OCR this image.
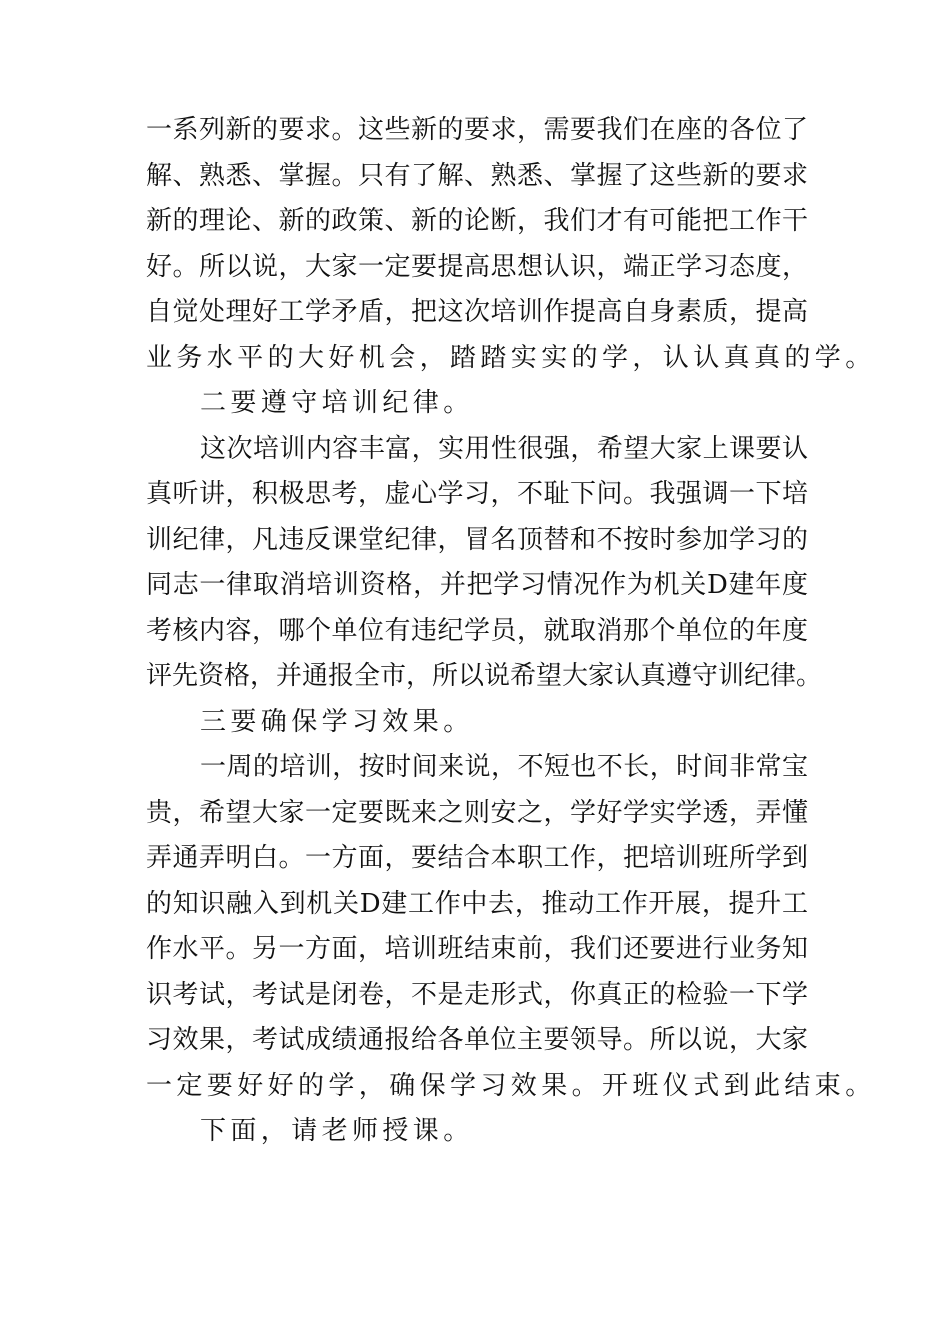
一系列新的要求。这些新的要求，需要我们在座的各位了
解、熟悉、掌握。只有了解、熟悉、掌握了这些新的要求
新的理论、新的政策、新的论断，我们才有可能把工作干
好。所以说，大家一定要提高思想认识，端正学习态度，
自觉处理好工学矛盾，把这次培训作提高自身素质，提高
业务水平的大好机会，踏踏实实的学，认认真真的学。
二要遵守培训纪律。
这次培训内容丰富，实用性很强，希望大家上课要认
真听讲，积极思考，虚心学习，不耻下问。我强调一下培
训纪律，凡违反课堂纪律，冒名顶替和不按时参加学习的
同志一律取消培训资格，并把学习情况作为机关D建年度
考核内容，哪个单位有违纪学员，就取消那个单位的年度
评先资格，并通报全市，所以说希望大家认真遵守训纪律。
三要确保学习效果。
一周的培训，按时间来说，不短也不长，时间非常宝
贵，希望大家一定要既来之则安之，学好学实学透，弄懂
弄通弄明白。一方面，要结合本职工作，把培训班所学到
的知识融入到机关D建工作中去，推动工作开展，提升工
作水平。另一方面，培训班结束前，我们还要进行业务知
识考试，考试是闭卷，不是走形式，你真正的检验一下学
习效果，考试成绩通报给各单位主要领导。所以说，大家
一定要好好的学，确保学习效果。开班仪式到此结束。
下面，请老师授课。
